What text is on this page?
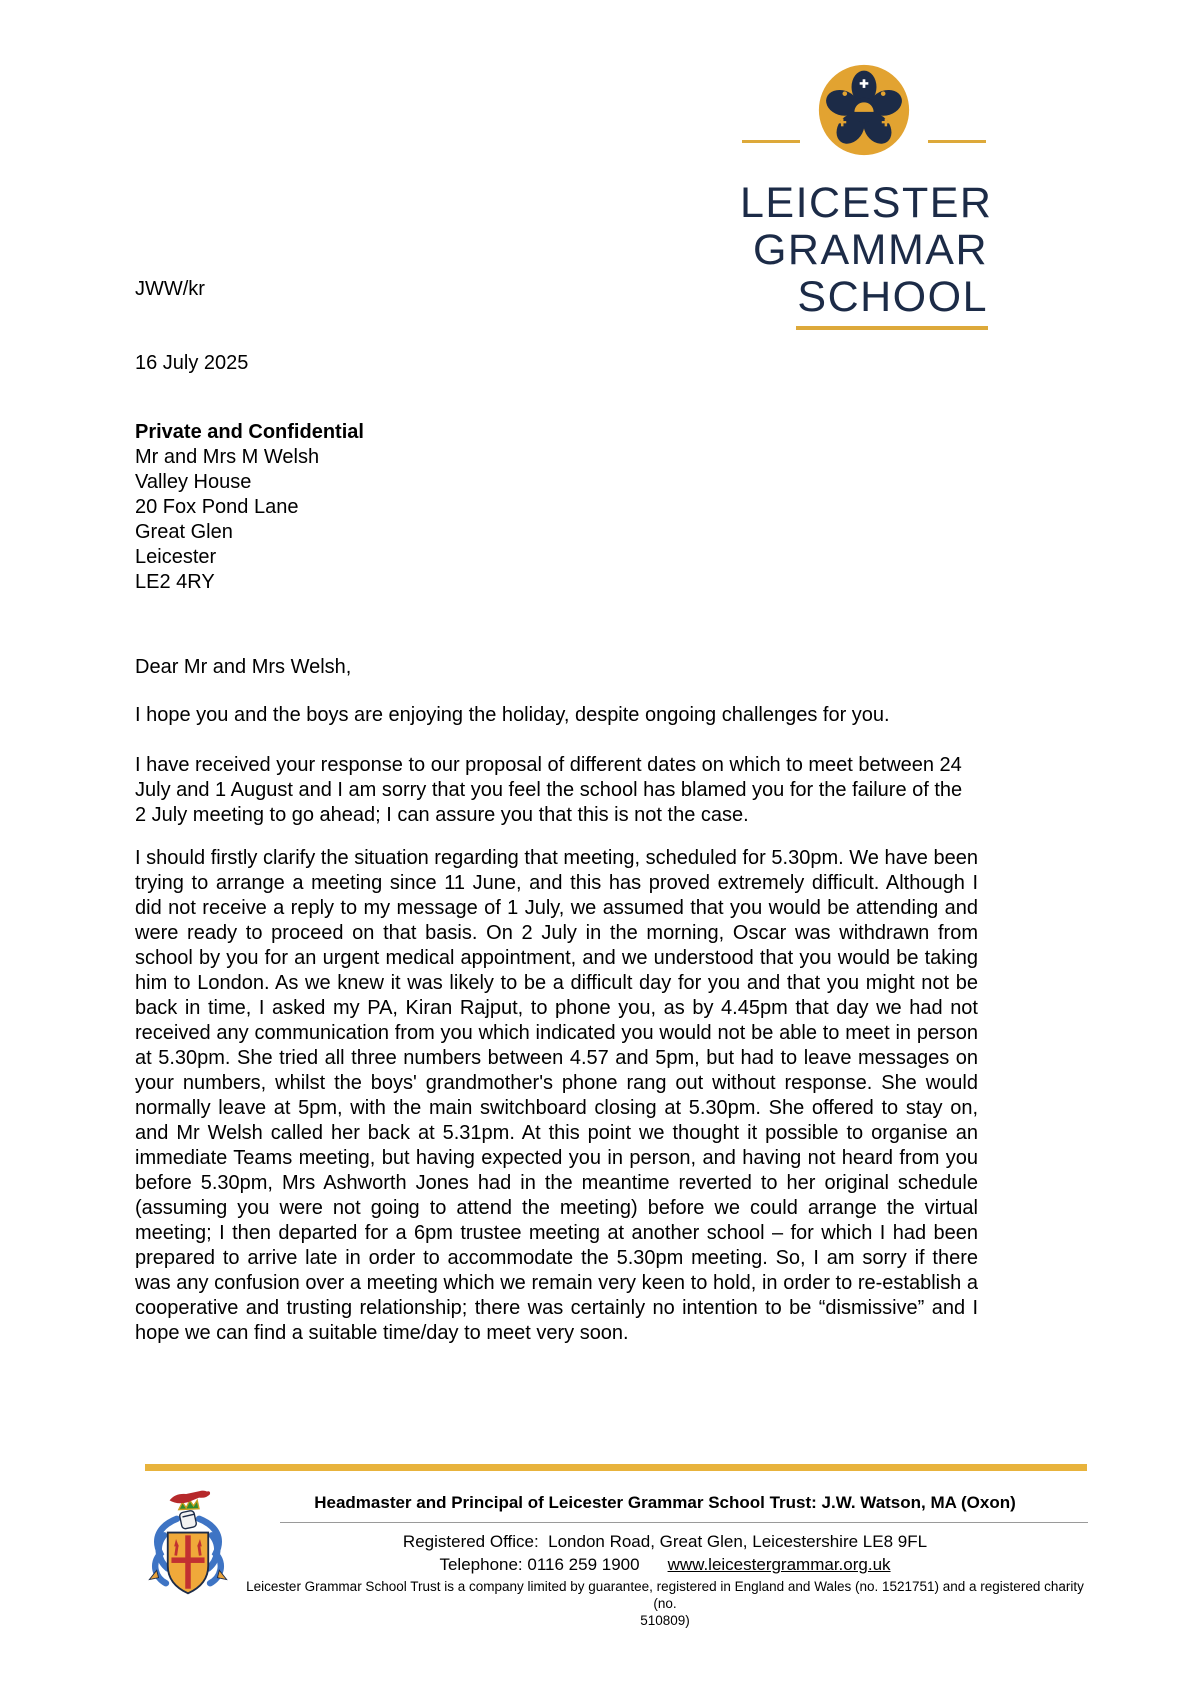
LEICESTER
GRAMMAR
SCHOOL
JWW/kr
16 July 2025
Private and Confidential
Mr and Mrs M Welsh
Valley House
20 Fox Pond Lane
Great Glen
Leicester
LE2 4RY
Dear Mr and Mrs Welsh,

I hope you and the boys are enjoying the holiday, despite ongoing challenges for you.

I have received your response to our proposal of different dates on which to meet between 24 July and 1 August and I am sorry that you feel the school has blamed you for the failure of the 2 July meeting to go ahead; I can assure you that this is not the case.

I should firstly clarify the situation regarding that meeting, scheduled for 5.30pm. We have been trying to arrange a meeting since 11 June, and this has proved extremely difficult. Although I did not receive a reply to my message of 1 July, we assumed that you would be attending and were ready to proceed on that basis. On 2 July in the morning, Oscar was withdrawn from school by you for an urgent medical appointment, and we understood that you would be taking him to London. As we knew it was likely to be a difficult day for you and that you might not be back in time, I asked my PA, Kiran Rajput, to phone you, as by 4.45pm that day we had not received any communication from you which indicated you would not be able to meet in person at 5.30pm. She tried all three numbers between 4.57 and 5pm, but had to leave messages on your numbers, whilst the boys' grandmother's phone rang out without response. She would normally leave at 5pm, with the main switchboard closing at 5.30pm. She offered to stay on, and Mr Welsh called her back at 5.31pm. At this point we thought it possible to organise an immediate Teams meeting, but having expected you in person, and having not heard from you before 5.30pm, Mrs Ashworth Jones had in the meantime reverted to her original schedule (assuming you were not going to attend the meeting) before we could arrange the virtual meeting; I then departed for a 6pm trustee meeting at another school – for which I had been prepared to arrive late in order to accommodate the 5.30pm meeting. So, I am sorry if there was any confusion over a meeting which we remain very keen to hold, in order to re-establish a cooperative and trusting relationship; there was certainly no intention to be “dismissive” and I hope we can find a suitable time/day to meet very soon.

Headmaster and Principal of Leicester Grammar School Trust: J.W. Watson, MA (Oxon)
Registered Office:  London Road, Great Glen, Leicestershire LE8 9FL
Telephone: 0116 259 1900 www.leicestergrammar.org.uk
Leicester Grammar School Trust is a company limited by guarantee, registered in England and Wales (no. 1521751) and a registered charity (no.
510809)
